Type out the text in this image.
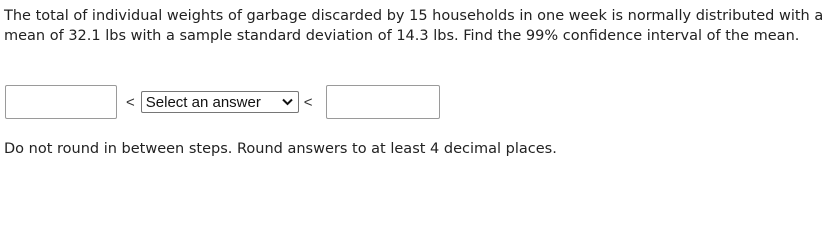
The total of individual weights of garbage discarded by 15 households in one week is normally distributed with a mean of 32.1 lbs with a sample standard deviation of 14.3 lbs. Find the 99% confidence interval of the mean.

< Select an answer	<

Do not round in between steps. Round answers to at least 4 decimal places.
